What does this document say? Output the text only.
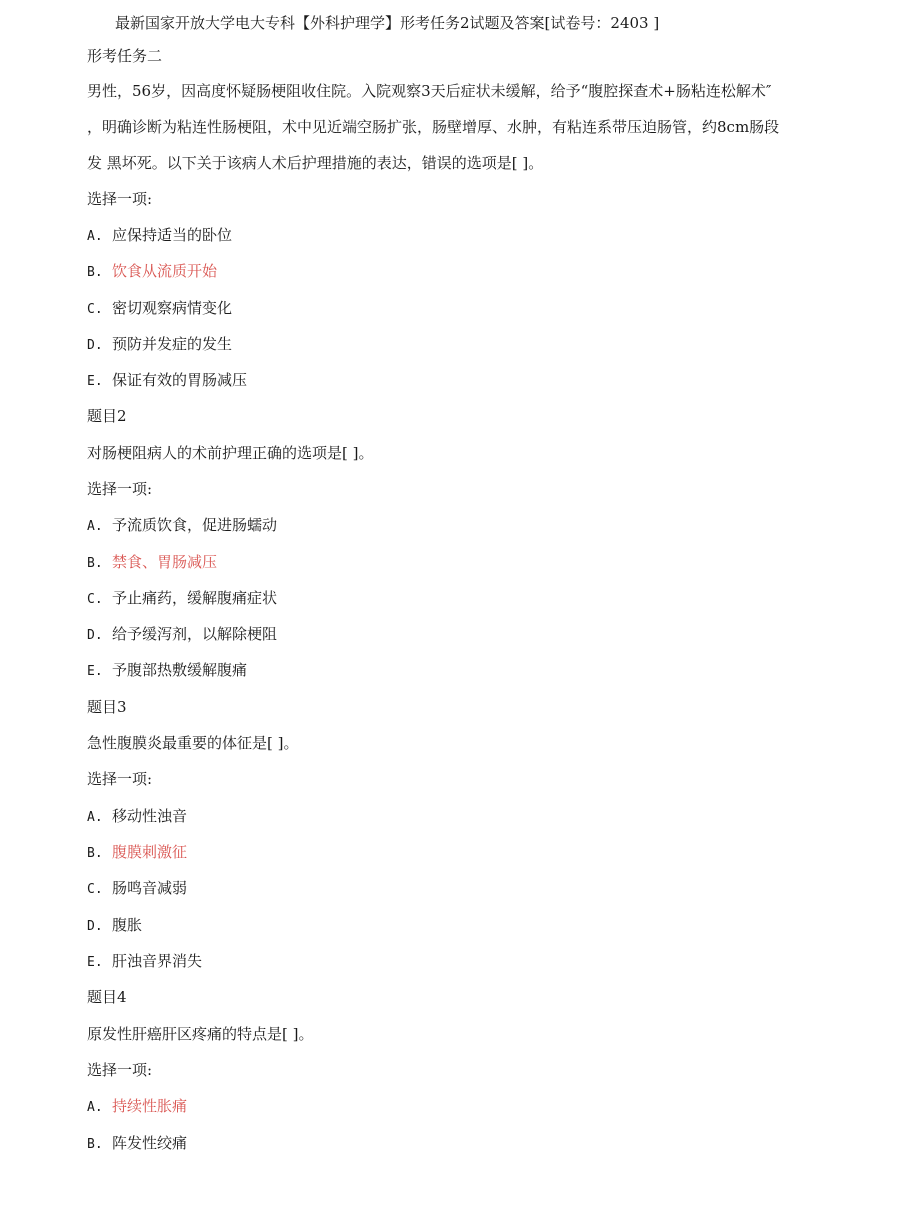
最新国家开放大学电大专科【外科护理学】形考任务2试题及答案[试卷号：2403 ]
形考任务二
男性，56岁，因高度怀疑肠梗阻收住院。入院观察3天后症状未缓解，给予“腹腔探查术+肠粘连松解术″
，明确诊断为粘连性肠梗阻，术中见近端空肠扩张，肠壁增厚、水肿，有粘连系带压迫肠管，约8cm肠段
发 黑坏死。以下关于该病人术后护理措施的表达，错误的选项是[ ]。
选择一项:
A. 应保持适当的卧位
B. 饮食从流质开始
C. 密切观察病情变化
D. 预防并发症的发生
E. 保证有效的胃肠减压
题目2
对肠梗阻病人的术前护理正确的选项是[ ]。
选择一项:
A. 予流质饮食，促进肠蠕动
B. 禁食、胃肠减压
C. 予止痛药，缓解腹痛症状
D. 给予缓泻剂，以解除梗阻
E. 予腹部热敷缓解腹痛
题目3
急性腹膜炎最重要的体征是[ ]。
选择一项:
A. 移动性浊音
B. 腹膜刺激征
C. 肠鸣音减弱
D. 腹胀
E. 肝浊音界消失
题目4
原发性肝癌肝区疼痛的特点是[ ]。
选择一项:
A. 持续性胀痛
B. 阵发性绞痛
